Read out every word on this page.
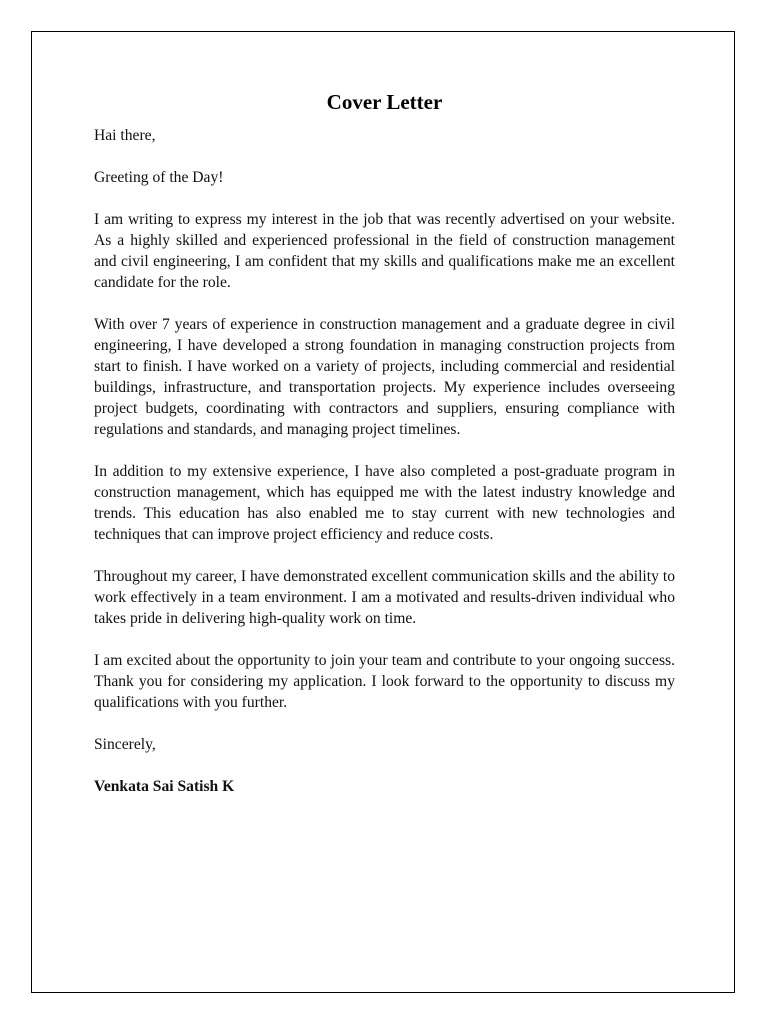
Cover Letter

Hai there,

Greeting of the Day!

I am writing to express my interest in the job that was recently advertised on your website. As a highly skilled and experienced professional in the field of construction management and civil engineering, I am confident that my skills and qualifications make me an excellent candidate for the role.

With over 7 years of experience in construction management and a graduate degree in civil engineering, I have developed a strong foundation in managing construction projects from start to finish. I have worked on a variety of projects, including commercial and residential buildings, infrastructure, and transportation projects. My experience includes overseeing project budgets, coordinating with contractors and suppliers, ensuring compliance with regulations and standards, and managing project timelines.

In addition to my extensive experience, I have also completed a post-graduate program in construction management, which has equipped me with the latest industry knowledge and trends. This education has also enabled me to stay current with new technologies and techniques that can improve project efficiency and reduce costs.

Throughout my career, I have demonstrated excellent communication skills and the ability to work effectively in a team environment. I am a motivated and results-driven individual who takes pride in delivering high-quality work on time.

I am excited about the opportunity to join your team and contribute to your ongoing success. Thank you for considering my application. I look forward to the opportunity to discuss my qualifications with you further.

Sincerely,

Venkata Sai Satish K
